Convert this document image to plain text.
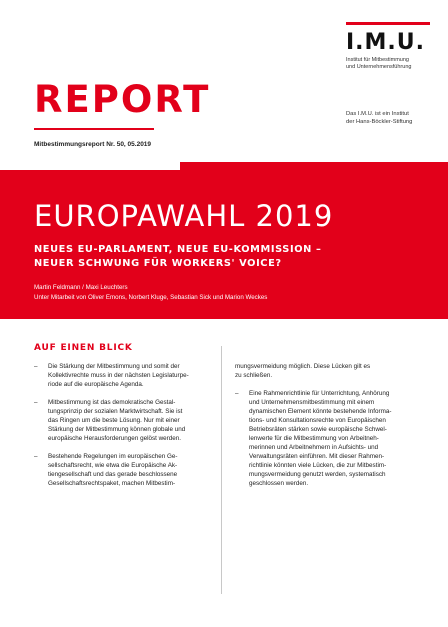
I.M.U.
Institut für Mitbestimmung
und Unternehmensführung
REPORT
Mitbestimmungsreport Nr. 50, 05.2019
Das I.M.U. ist ein Institut
der Hans-Böckler-Stiftung
EUROPAWAHL 2019
NEUES EU-PARLAMENT, NEUE EU-KOMMISSION –
NEUER SCHWUNG FÜR WORKERS' VOICE?
Martin Feldmann / Maxi Leuchters
Unter Mitarbeit von Oliver Emons, Norbert Kluge, Sebastian Sick und Marion Weckes
AUF EINEN BLICK
– Die Stärkung der Mitbestimmung und somit der
Kollektivrechte muss in der nächsten Legislaturpe-
riode auf die europäische Agenda.
– Mitbestimmung ist das demokratische Gestal-
tungsprinzip der sozialen Marktwirtschaft. Sie ist
das Ringen um die beste Lösung. Nur mit einer
Stärkung der Mitbestimmung können globale und
europäische Herausforderungen gelöst werden.
– Bestehende Regelungen im europäischen Ge-
sellschaftsrecht, wie etwa die Europäische Ak-
tiengesellschaft und das gerade beschlossene
Gesellschaftsrechtspaket, machen Mitbestim-
mungsvermeidung möglich. Diese Lücken gilt es
zu schließen.
– Eine Rahmenrichtlinie für Unterrichtung, Anhörung
und Unternehmensmitbestimmung mit einem
dynamischen Element könnte bestehende Informa-
tions- und Konsultationsrechte von Europäischen
Betriebsräten stärken sowie europäische Schwel-
lenwerte für die Mitbestimmung von Arbeitneh-
merinnen und Arbeitnehmern in Aufsichts- und
Verwaltungsräten einführen. Mit dieser Rahmen-
richtlinie könnten viele Lücken, die zur Mitbestim-
mungsvermeidung genutzt werden, systematisch
geschlossen werden.
